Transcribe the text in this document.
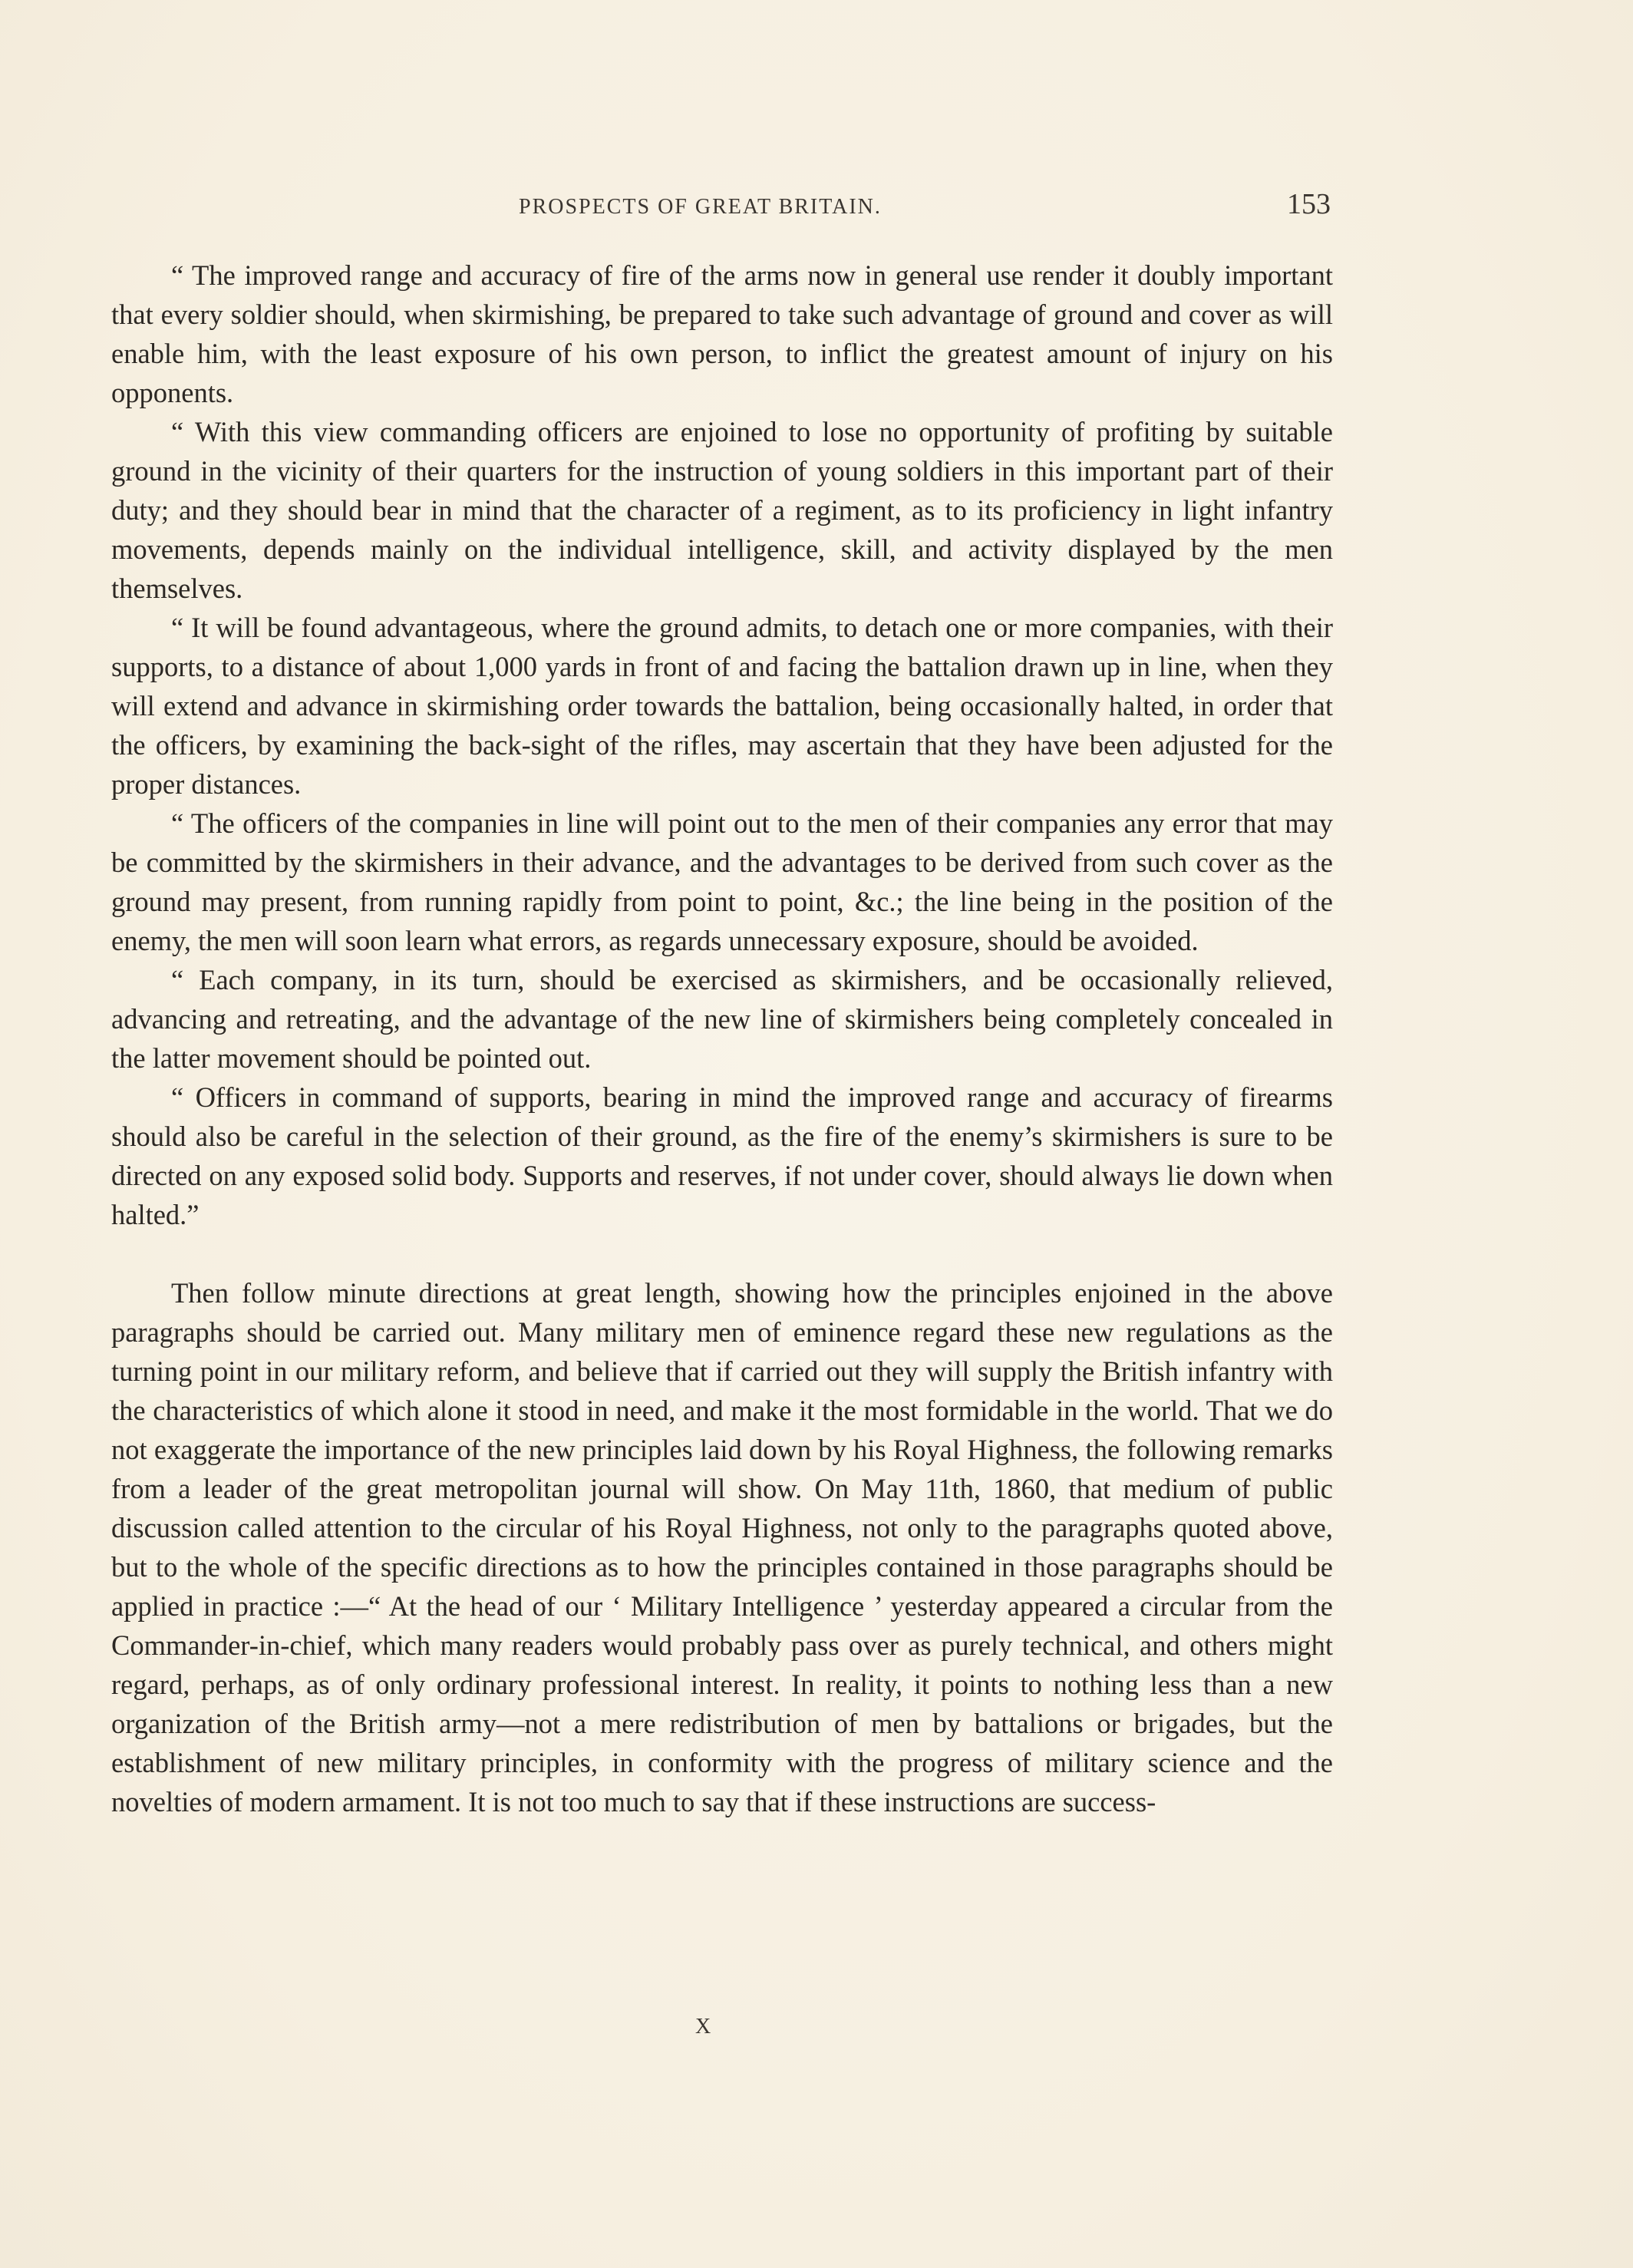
PROSPECTS OF GREAT BRITAIN.	153

“ The improved range and accuracy of fire of the arms now in general use render it doubly important that every soldier should, when skirmishing, be prepared to take such advantage of ground and cover as will enable him, with the least exposure of his own person, to inflict the greatest amount of injury on his opponents.

“ With this view commanding officers are enjoined to lose no opportunity of profiting by suitable ground in the vicinity of their quarters for the instruction of young soldiers in this important part of their duty; and they should bear in mind that the character of a regiment, as to its proficiency in light infantry movements, depends mainly on the individual intelligence, skill, and activity displayed by the men themselves.

“ It will be found advantageous, where the ground admits, to detach one or more companies, with their supports, to a distance of about 1,000 yards in front of and facing the battalion drawn up in line, when they will extend and advance in skirmishing order towards the battalion, being occasionally halted, in order that the officers, by examining the back-sight of the rifles, may ascertain that they have been adjusted for the proper distances.

“ The officers of the companies in line will point out to the men of their companies any error that may be committed by the skirmishers in their advance, and the advantages to be derived from such cover as the ground may present, from running rapidly from point to point, &c.; the line being in the position of the enemy, the men will soon learn what errors, as regards unnecessary exposure, should be avoided.

“ Each company, in its turn, should be exercised as skirmishers, and be occasionally relieved, advancing and retreating, and the advantage of the new line of skirmishers being completely concealed in the latter movement should be pointed out.

“ Officers in command of supports, bearing in mind the improved range and accuracy of firearms should also be careful in the selection of their ground, as the fire of the enemy’s skirmishers is sure to be directed on any exposed solid body. Supports and reserves, if not under cover, should always lie down when halted.”

Then follow minute directions at great length, showing how the principles enjoined in the above paragraphs should be carried out. Many military men of eminence regard these new regulations as the turning point in our military reform, and believe that if carried out they will supply the British infantry with the characteristics of which alone it stood in need, and make it the most formidable in the world. That we do not exaggerate the importance of the new principles laid down by his Royal Highness, the following remarks from a leader of the great metropolitan journal will show. On May 11th, 1860, that medium of public discussion called attention to the circular of his Royal Highness, not only to the paragraphs quoted above, but to the whole of the specific directions as to how the principles contained in those paragraphs should be applied in practice :—“ At the head of our ‘ Military Intelligence ’ yesterday appeared a circular from the Commander-in-chief, which many readers would probably pass over as purely technical, and others might regard, perhaps, as of only ordinary professional interest. In reality, it points to nothing less than a new organization of the British army—not a mere redistribution of men by battalions or brigades, but the establishment of new military principles, in conformity with the progress of military science and the novelties of modern armament. It is not too much to say that if these instructions are success-

X
